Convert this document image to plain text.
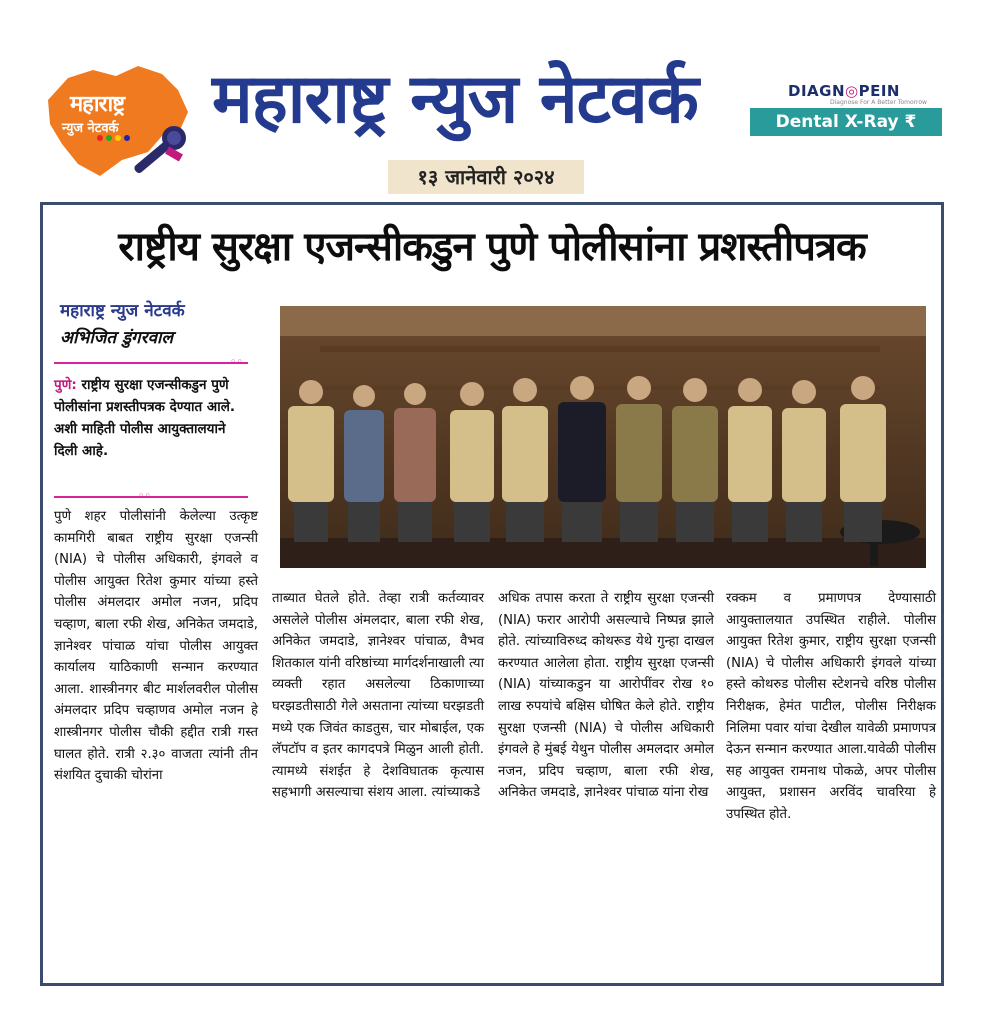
महाराष्ट्र
न्युज नेटवर्क महाराष्ट्र न्युज नेटवर्क
१३ जानेवारी २०२४
DIAGN◎PEIN
Diagnose For A Better Tomorrow
Dental X-Ray ₹ 100/-
राष्ट्रीय सुरक्षा एजन्सीकडुन पुणे पोलीसांना प्रशस्तीपत्रक
महाराष्ट्र न्युज नेटवर्क
अभिजित डुंगरवाल
◦◦
पुणे: राष्ट्रीय सुरक्षा एजन्सीकडुन पुणे पोलीसांना प्रशस्तीपत्रक देण्यात आले. अशी माहिती पोलीस आयुक्तालयाने दिली आहे.
◦◦
पुणे शहर पोलीसांनी केलेल्या उत्कृष्ट कामगिरी बाबत राष्ट्रीय सुरक्षा एजन्सी (NIA) चे पोलीस अधिकारी, इंगवले व पोलीस आयुक्त रितेश कुमार यांच्या हस्ते पोलीस अंमलदार अमोल नजन, प्रदिप चव्हाण, बाला रफी शेख, अनिकेत जमदाडे, ज्ञानेश्वर पांचाळ यांचा पोलीस आयुक्त कार्यालय याठिकाणी सन्मान करण्यात आला. शास्त्रीनगर बीट मार्शलवरील पोलीस अंमलदार प्रदिप चव्हाणव अमोल नजन हे शास्त्रीनगर पोलीस चौकी हद्दीत रात्री गस्त घालत होते. रात्री २.३० वाजता त्यांनी तीन संशयित दुचाकी चोरांना
ताब्यात घेतले होते. तेव्हा रात्री कर्तव्यावर असलेले पोलीस अंमलदार, बाला रफी शेख, अनिकेत जमदाडे, ज्ञानेश्वर पांचाळ, वैभव शितकाल यांनी वरिष्ठांच्या मार्गदर्शनाखाली त्या व्यक्ती रहात असलेल्या ठिकाणाच्या घरझडतीसाठी गेले असताना त्यांच्या घरझडती मध्ये एक जिवंत काडतुस, चार मोबाईल, एक लॅपटॉप व इतर कागदपत्रे मिळुन आली होती. त्यामध्ये संशईत हे देशविघातक कृत्यास सहभागी असल्याचा संशय आला. त्यांच्याकडे
अधिक तपास करता ते राष्ट्रीय सुरक्षा एजन्सी (NIA) फरार आरोपी असल्याचे निष्पन्न झाले होते. त्यांच्याविरुध्द कोथरूड येथे गुन्हा दाखल करण्यात आलेला होता. राष्ट्रीय सुरक्षा एजन्सी (NIA) यांच्याकडुन या आरोपींवर रोख १० लाख रुपयांचे बक्षिस घोषित केले होते. राष्ट्रीय सुरक्षा एजन्सी (NIA) चे पोलीस अधिकारी इंगवले हे मुंबई येथुन पोलीस अमलदार अमोल नजन, प्रदिप चव्हाण, बाला रफी शेख, अनिकेत जमदाडे, ज्ञानेश्वर पांचाळ यांना रोख
रक्कम व प्रमाणपत्र देण्यासाठी आयुक्तालयात उपस्थित राहीले. पोलीस आयुक्त रितेश कुमार, राष्ट्रीय सुरक्षा एजन्सी (NIA) चे पोलीस अधिकारी इंगवले यांच्या हस्ते कोथरुड पोलीस स्टेशनचे वरिष्ठ पोलीस निरीक्षक, हेमंत पाटील, पोलीस निरीक्षक निलिमा पवार यांचा देखील यावेळी प्रमाणपत्र देऊन सन्मान करण्यात आला.यावेळी पोलीस सह आयुक्त रामनाथ पोकळे, अपर पोलीस आयुक्त, प्रशासन अरविंद चावरिया हे उपस्थित होते.
